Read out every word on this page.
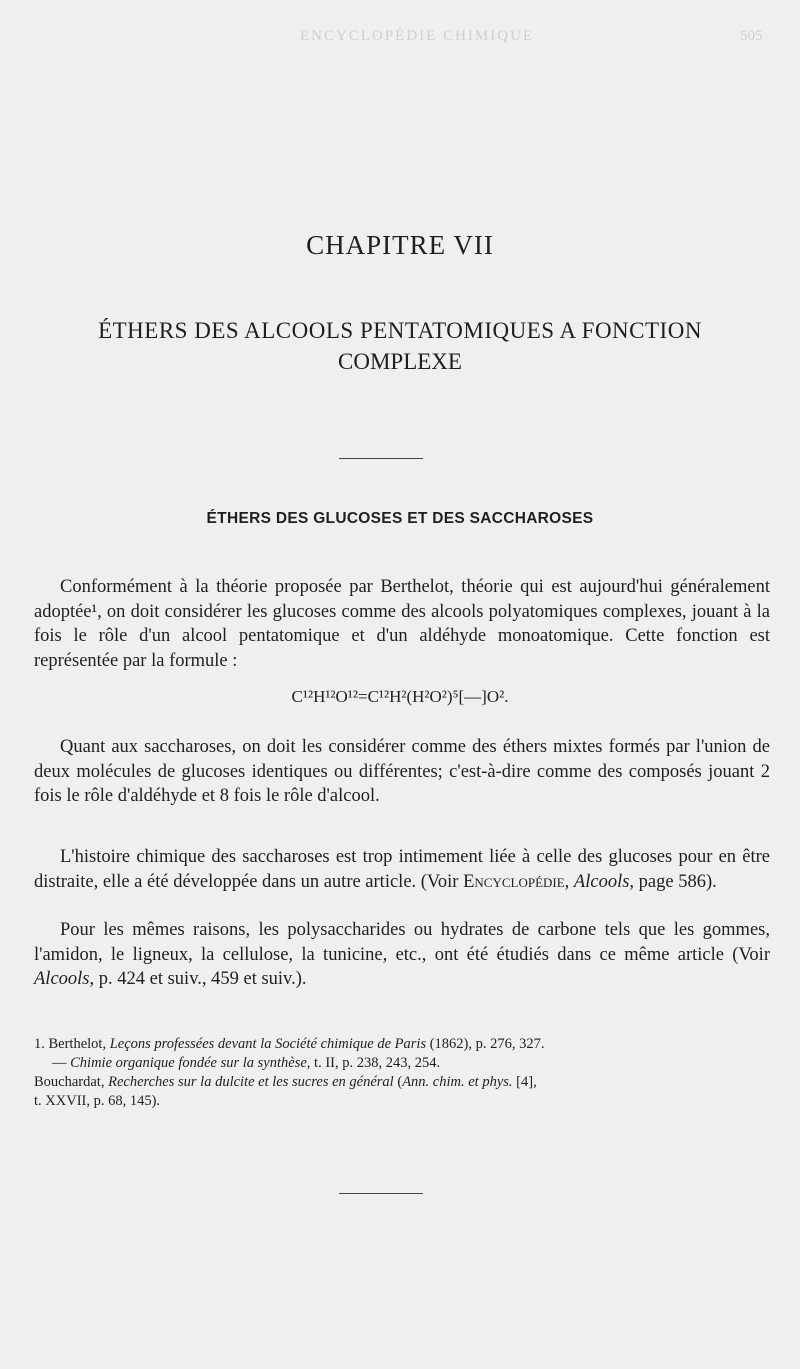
ENCYCLOPÉDIE CHIMIQUE	505
CHAPITRE VII
ÉTHERS DES ALCOOLS PENTATOMIQUES A FONCTION
COMPLEXE
ÉTHERS DES GLUCOSES ET DES SACCHAROSES
Conformément à la théorie proposée par Berthelot, théorie qui est aujourd'hui généralement adoptée¹, on doit considérer les glucoses comme des alcools polyatomiques complexes, jouant à la fois le rôle d'un alcool pentatomique et d'un aldéhyde monoatomique. Cette fonction est représentée par la formule :
C¹²H¹²O¹²=C¹²H²(H²O²)⁵[—]O².
Quant aux saccharoses, on doit les considérer comme des éthers mixtes formés par l'union de deux molécules de glucoses identiques ou différentes; c'est-à-dire comme des composés jouant 2 fois le rôle d'aldéhyde et 8 fois le rôle d'alcool.
L'histoire chimique des saccharoses est trop intimement liée à celle des glucoses pour en être distraite, elle a été développée dans un autre article. (Voir Encyclopédie, Alcools, page 586).
Pour les mêmes raisons, les polysaccharides ou hydrates de carbone tels que les gommes, l'amidon, le ligneux, la cellulose, la tunicine, etc., ont été étudiés dans ce même article (Voir Alcools, p. 424 et suiv., 459 et suiv.).
1. Berthelot, Leçons professées devant la Société chimique de Paris (1862), p. 276, 327.
— Chimie organique fondée sur la synthèse, t. II, p. 238, 243, 254.
Bouchardat, Recherches sur la dulcite et les sucres en général (Ann. chim. et phys. [4],
t. XXVII, p. 68, 145).
